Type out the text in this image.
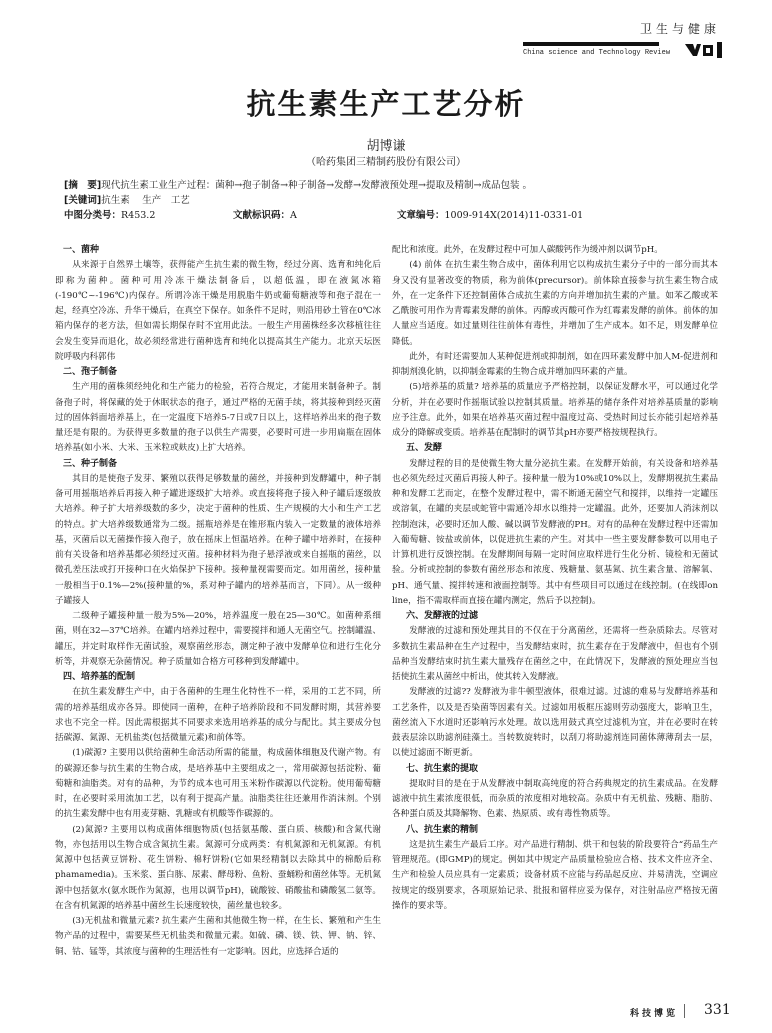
卫生与健康
China science and Technology Review
抗生素生产工艺分析
胡博谦
（哈药集团三精制药股份有限公司）
[摘　要]现代抗生素工业生产过程：菌种→孢子制备→种子制备→发酵→发酵液预处理→提取及精制→成品包装 。
[关键词]抗生素　 生产　工艺
中图分类号：R453.2	文献标识码：A	文章编号：1009-914X(2014)11-0331-01
一、菌种

从来源于自然界土壤等，获得能产生抗生素的微生物，经过分离、选育和纯化后即称为菌种。菌种可用冷冻干燥法制备后，以超低温，即在液氮冰箱(-190℃~-196℃)内保存。所谓冷冻干燥是用脱脂牛奶或葡萄糖液等和孢子混在一起，经真空冷冻、升华干燥后，在真空下保存。如条件不足时，则沿用砂土管在0℃冰箱内保存的老方法，但如需长期保存时不宜用此法。一般生产用菌株经多次移植往往会发生变异而退化，故必须经常进行菌种选育和纯化以提高其生产能力。北京天坛医院呼吸内科郭伟

二、孢子制备

生产用的菌株须经纯化和生产能力的检验，若符合规定，才能用来制备种子。制备孢子时，将保藏的处于休眠状态的孢子，通过严格的无菌手续，将其接种到经灭菌过的固体斜面培养基上，在一定温度下培养5-7日或7日以上，这样培养出来的孢子数量还是有限的。为获得更多数量的孢子以供生产需要，必要时可进一步用扁瓶在固体培养基(如小米、大米、玉米粒或麸皮)上扩大培养。

三、种子制备

其目的是使孢子发芽、繁殖以获得足够数量的菌丝，并接种到发酵罐中，种子制备可用摇瓶培养后再接入种子罐进逐级扩大培养。或直接将孢子接入种子罐后逐级放大培养。种子扩大培养级数的多少，决定于菌种的性质、生产规模的大小和生产工艺的特点。扩大培养级数通常为二级。摇瓶培养是在锥形瓶内装入一定数量的液体培养基，灭菌后以无菌操作接入孢子，放在摇床上恒温培养。在种子罐中培养时，在接种前有关设备和培养基都必须经过灭菌。接种材料为孢子悬浮液或来自摇瓶的菌丝，以微孔差压法或打开接种口在火焰保护下接种。接种量视需要而定。如用菌丝，接种量一般相当于0.1%—2%(接种量的%，系对种子罐内的培养基而言，下同）。从一级种子罐接人

二级种子罐接种量一般为5%—20%，培养温度一般在25—30℃。如菌种系细菌，则在32—37℃培养。在罐内培养过程中，需要搅拌和通人无菌空气。控制罐温、罐压，并定时取样作无菌试验，观察菌丝形态，测定种子液中发酵单位和进行生化分析等，并观察无杂菌情况。种子质量如合格方可移种到发酵罐中。

四、培养基的配制

在抗生素发酵生产中，由于各菌种的生理生化特性不一样，采用的工艺不同，所需的培养基组成亦各异。即使同一菌种，在种子培养阶段和不同发酵时期，其营养要求也不完全一样。因此需根据其不同要求来选用培养基的成分与配比。其主要成分包括碳源、氮源、无机盐类(包括微量元素)和前体等。

(1)碳源? 主要用以供给菌种生命活动所需的能量，构成菌体细胞及代谢产物。有的碳源还参与抗生素的生物合成，是培养基中主要组成之一，常用碳源包括淀粉、葡萄糖和油脂类。对有的品种，为节约成本也可用玉米粉作碳源以代淀粉。使用葡萄糖时，在必要时采用流加工艺，以有利于提高产量。油脂类往往还兼用作消沫剂。个别的抗生素发酵中也有用麦芽糖、乳糖或有机酸等作碳源的。

(2)氮源? 主要用以构成菌体细胞物质(包括氨基酸、蛋白质、核酸)和含氮代谢物，亦包括用以生物合成含氮抗生素。氮源可分成两类：有机氮源和无机氮源。有机氮源中包括黄豆饼粉、花生饼粉、棉籽饼粉(它如果经精制以去除其中的棉酚后称phamamedia)。玉米浆、蛋白胨、尿素、酵母粉、鱼粉、蚕蛹粉和菌丝体等。无机氮源中包括氨水(氨水既作为氮源，也用以调节pH)，硫酸铵、硝酸盐和磷酸氢二氨等。在含有机氮源的培养基中菌丝生长速度较快，菌丝量也较多。

(3)无机盐和微量元素? 抗生素产生菌和其他微生物一样，在生长、繁殖和产生生物产品的过程中，需要某些无机盐类和微量元素。如硫、磷、镁、铁、钾、钠、锌、铜、钴、锰等，其浓度与菌种的生理活性有一定影响。因此，应选择合适的

配比和浓度。此外，在发酵过程中可加人碳酸钙作为缓冲剂以调节pH。

(4) 前体 在抗生素生物合成中，菌体利用它以构成抗生素分子中的一部分而其本身又没有显著改变的物质，称为前体(precursor)。前体除直接参与抗生素生物合成外，在一定条件下还控制菌体合成抗生素的方向并增加抗生素的产量。如苯乙酸或苯乙酰胺可用作为青霉素发酵的前体。丙醇或丙酸可作为红霉素发酵的前体。前体的加人量应当适度。如过量则往往前体有毒性，并增加了生产成本。如不足，则发酵单位降低。

此外，有时还需要加人某种促进剂或抑制剂，如在四环素发酵中加人M-促进剂和抑制剂溴化钠，以抑制金霉素的生物合成并增加四环素的产量。

(5)培养基的质量? 培养基的质量应予严格控制，以保证发酵水平，可以通过化学分析，并在必要时作摇瓶试验以控制其质量。培养基的储存条件对培养基质量的影响应予注意。此外，如果在培养基灭菌过程中温度过高、受热时间过长亦能引起培养基成分的降解或变质。培养基在配制时的调节其pH亦要严格按规程执行。

五、发酵

发酵过程的目的是使微生物大量分泌抗生素。在发酵开始前，有关设备和培养基也必须先经过灭菌后再接人种子。接种量一般为10%或10%以上，发酵期视抗生素品种和发酵工艺而定，在整个发酵过程中，需不断通无菌空气和搅拌，以维持一定罐压或溶氧，在罐的夹层或蛇管中需通冷却水以维持一定罐温。此外，还要加人消沫剂以控制泡沫，必要时还加人酸、碱以调节发酵液的PH。对有的品种在发酵过程中还需加入葡萄糖、铵盐或前体，以促进抗生素的产生。对其中一些主要发酵参数可以用电子计算机进行反馈控制。在发酵期间每隔一定时间应取样进行生化分析、镜检和无菌试验。分析或控制的参数有菌丝形态和浓度、残糖量、氨基氮、抗生素含量、溶解氧、pH、通气量、搅拌转速和液面控制等。其中有些项目可以通过在线控制。(在线即on line，指不需取样而直接在罐内测定，然后予以控制)。

六、发酵液的过滤

发酵液的过滤和预处理其目的不仅在于分离菌丝，还需将一些杂质除去。尽管对多数抗生素品种在生产过程中，当发酵结束时，抗生素存在于发酵液中，但也有个别品种当发酵结束时抗生素大量残存在菌丝之中，在此情况下，发酵液的预处理应当包括使抗生素从菌丝中析出，使其转入发酵液。

发酵液的过滤?? 发酵液为非牛顿型液体，很难过滤。过滤的难易与发酵培养基和工艺条件，以及是否染菌等因素有关。过滤如用板框压滤则劳动强度大，影响卫生，菌丝流入下水道时还影响污水处理。故以选用鼓式真空过滤机为宜，并在必要时在转鼓表层涂以助滤剂硅藻土。当转数旋转时，以刮刀将助滤剂连同菌体薄薄刮去一层，以使过滤面不断更新。

七、抗生素的提取

提取时目的是在于从发酵液中制取高纯度的符合药典规定的抗生素成品。在发酵滤液中抗生素浓度很低，而杂质的浓度相对地较高。杂质中有无机盐、残糖、脂肪、各种蛋白质及其降解物、色素、热原质、或有毒性物质等。

八、抗生素的精制

这是抗生素生产最后工序。对产品进行精制、烘干和包装的阶段要符合“药品生产管理规范。(即GMP)的规定。例如其中规定产品质量检验应合格、技术文件应齐全、生产和检验人员应具有一定素质；设备材质不应能与药品起反应、并易清洗，空调应按规定的级别要求，各项原始记录、批报和留样应妥为保存，对注射品应严格按无菌操作的要求等。

科技博览 331
